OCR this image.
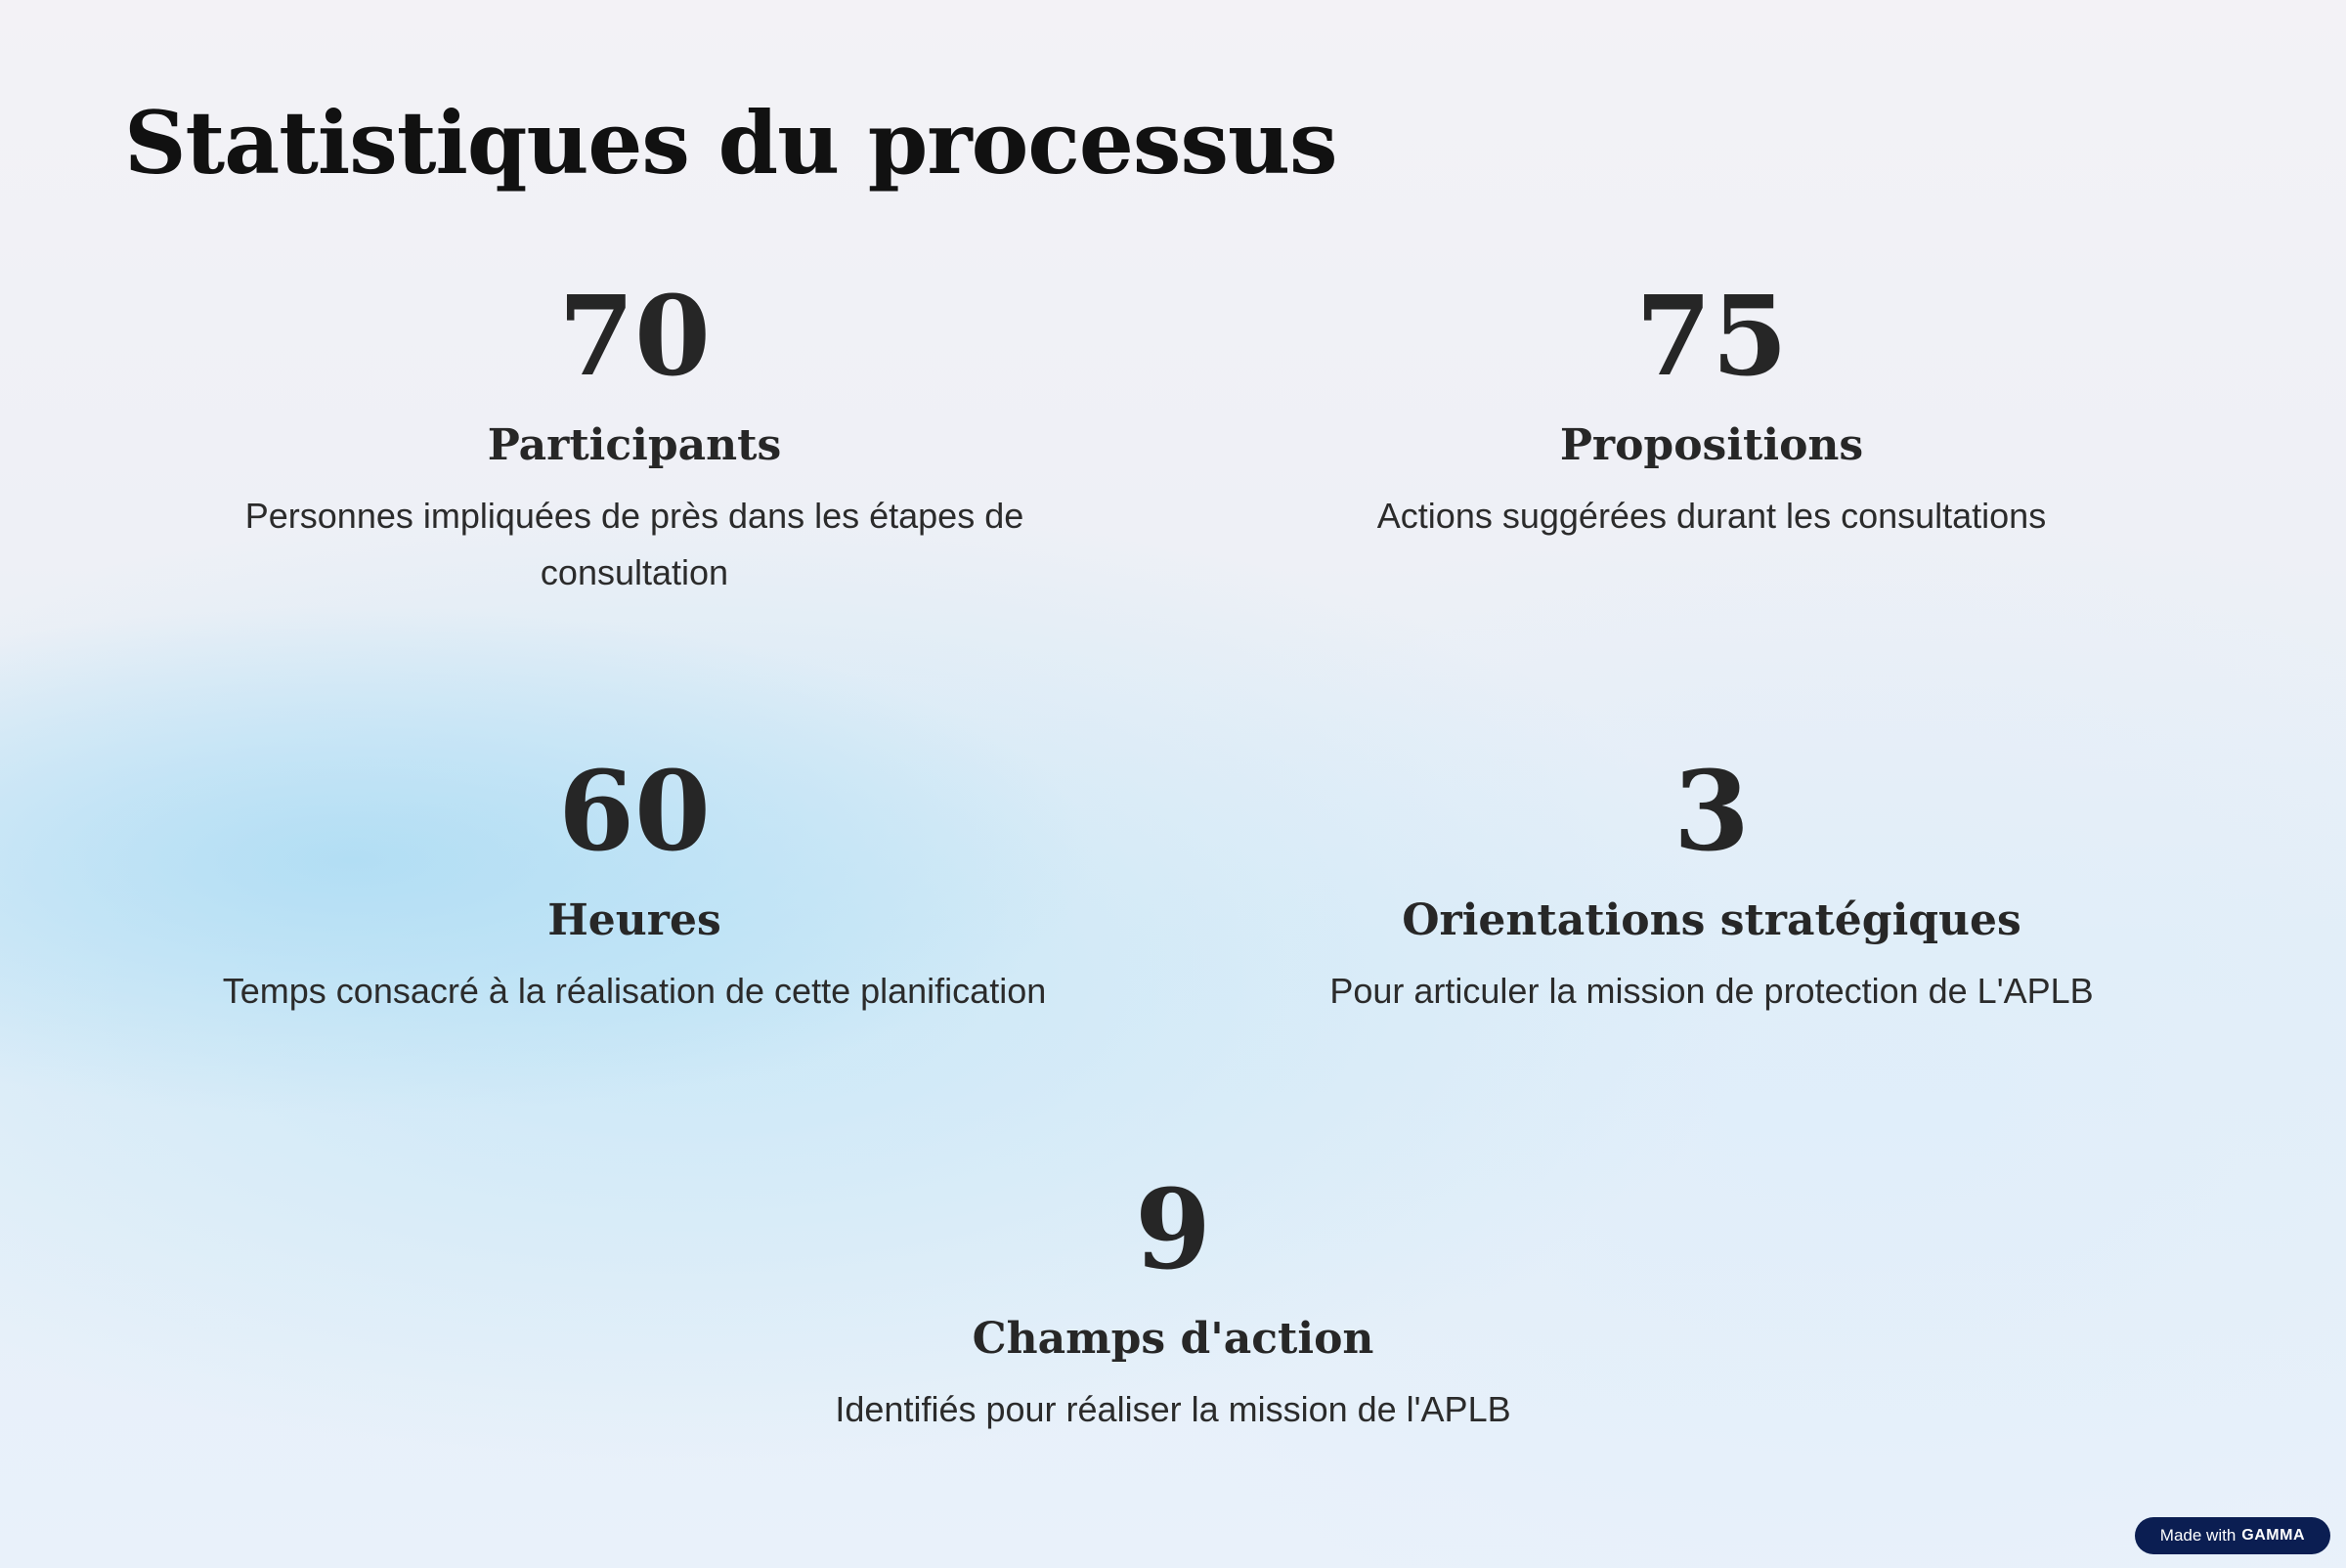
Statistiques du processus
70
Participants
Personnes impliquées de près dans les étapes de consultation
75
Propositions
Actions suggérées durant les consultations
60
Heures
Temps consacré à la réalisation de cette planification
3
Orientations stratégiques
Pour articuler la mission de protection de L'APLB
9
Champs d'action
Identifiés pour réaliser la mission de l'APLB
Made with GAMMA
